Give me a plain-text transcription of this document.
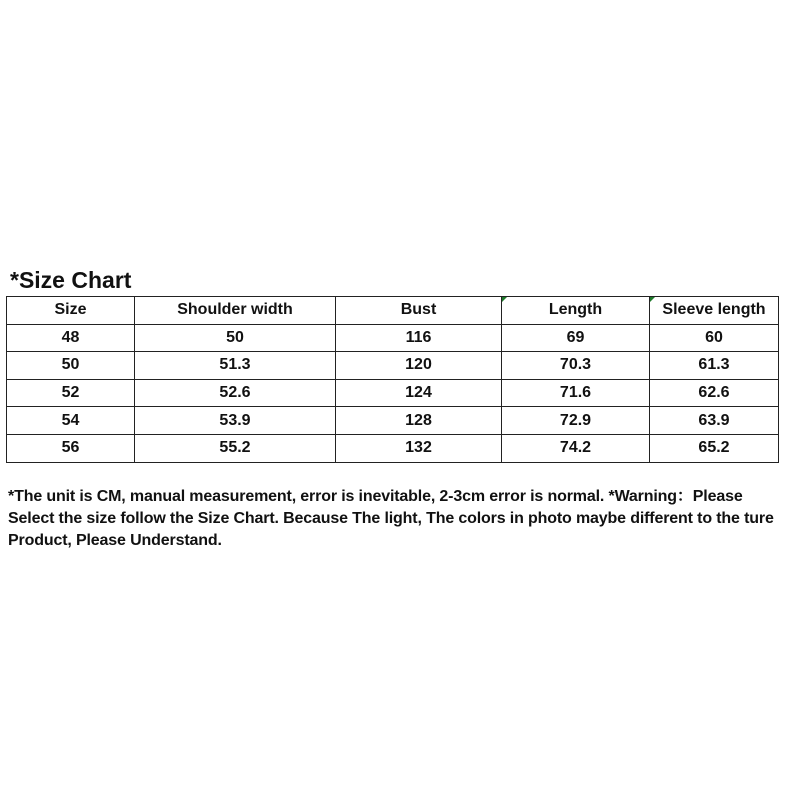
*Size Chart
Size	Shoulder width	Bust	Length	Sleeve length
48	50	116	69	60
50	51.3	120	70.3	61.3
52	52.6	124	71.6	62.6
54	53.9	128	72.9	63.9
56	55.2	132	74.2	65.2
*The unit is CM, manual measurement, error is inevitable, 2-3cm error is normal. *Warning：Please Select the size follow the Size Chart. Because The light, The colors in photo maybe different to the ture Product, Please Understand.
